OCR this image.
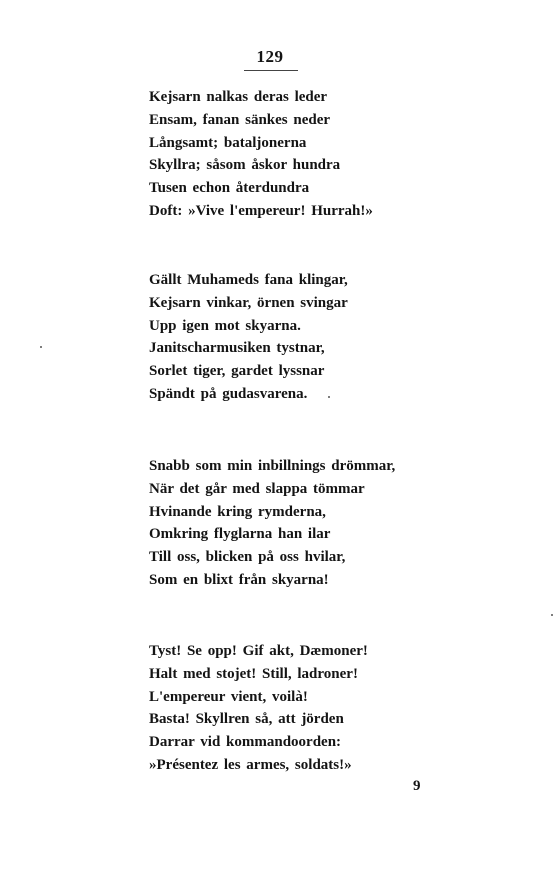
129
Kejsarn nalkas deras leder
Ensam, fanan sänkes neder
Långsamt; bataljonerna
Skyllra; såsom åskor hundra
Tusen echon återdundra
Doft: »Vive l'empereur! Hurrah!»
Gällt Muhameds fana klingar,
Kejsarn vinkar, örnen svingar
Upp igen mot skyarna.
Janitscharmusiken tystnar,
Sorlet tiger, gardet lyssnar
Spändt på gudasvarena.
Snabb som min inbillnings drömmar,
När det går med slappa tömmar
Hvinande kring rymderna,
Omkring flyglarna han ilar
Till oss, blicken på oss hvilar,
Som en blixt från skyarna!
Tyst! Se opp! Gif akt, Dæmoner!
Halt med stojet! Still, ladroner!
L'empereur vient, voilà!
Basta! Skyllren så, att jörden
Darrar vid kommandoorden:
»Présentez les armes, soldats!»
9
